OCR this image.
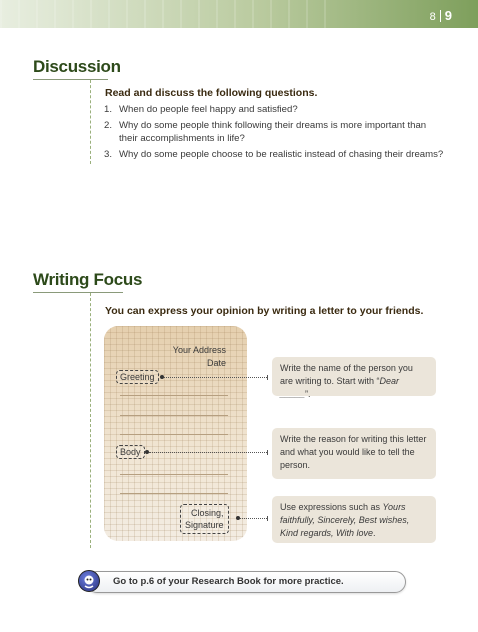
8 9
Discussion
Read and discuss the following questions.
1. When do people feel happy and satisfied?
2. Why do some people think following their dreams is more important than their accomplishments in life?
3. Why do some people choose to be realistic instead of chasing their dreams?
Writing Focus
You can express your opinion by writing a letter to your friends.
Your Address
Date
Greeting
Body
Closing,
Signature
Write the name of the person you are writing to. Start with “Dear _____”.
Write the reason for writing this letter and what you would like to tell the person.
Use expressions such as Yours faithfully, Sincerely, Best wishes, Kind regards, With love.
Go to p.6 of your Research Book for more practice.
